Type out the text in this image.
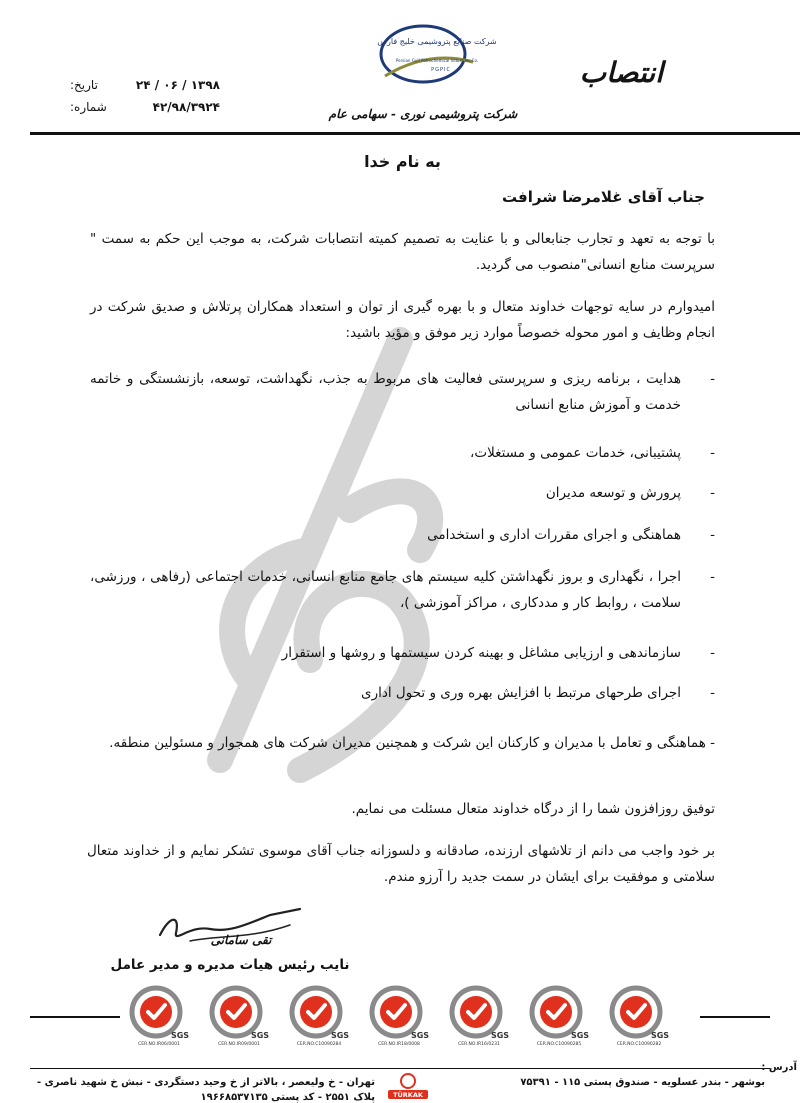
انتصاب
شرکت صنایع پتروشیمی خلیج فارس
Persian Gulf Petrochemical Industries Co.
PGPIC
شرکت پتروشیمی نوری - سهامی عام
تاریخ:	۱۳۹۸ / ۰۶ / ۲۴
شماره:	۴۲/۹۸/۳۹۲۴
به نام خدا
جناب آقای غلامرضا شرافت
با توجه به تعهد و تجارب جنابعالی و با عنایت به تصمیم کمیته انتصابات شرکت، به موجب این حکم به سمت " سرپرست منابع انسانی"منصوب می گردید.
امیدوارم در سایه توجهات خداوند متعال و با بهره گیری از توان و استعداد همکاران پرتلاش و صدیق شرکت در انجام وظایف و امور محوله خصوصاً موارد زیر موفق و مؤید باشید:
-
هدایت ، برنامه ریزی و سرپرستی فعالیت های مربوط به جذب، نگهداشت، توسعه، بازنشستگی و خاتمه خدمت و آموزش منابع انسانی
-
پشتیبانی، خدمات عمومی و مستغلات،
-
پرورش و توسعه مدیران
-
هماهنگی و اجرای مقررات اداری و استخدامی
-
اجرا ، نگهداری و بروز نگهداشتن کلیه سیستم های جامع منابع انسانی، خدمات اجتماعی (رفاهی ، ورزشی، سلامت ، روابط کار و مددکاری ، مراکز آموزشی )،
-
سازماندهی و ارزیابی مشاغل و بهینه کردن سیستمها و روشها و استقرار
-
اجرای طرحهای مرتبط با افزایش بهره وری و تحول اداری
- هماهنگی و تعامل با مدیران و کارکنان این شرکت و همچنین مدیران شرکت های همجوار و مسئولین منطقه.
توفیق روزافزون شما را از درگاه خداوند متعال مسئلت می نمایم.
بر خود واجب می دانم از تلاشهای ارزنده، صادقانه و دلسوزانه جناب آقای موسوی تشکر نمایم و از خداوند متعال سلامتی و موفقیت برای ایشان در سمت جدید را آرزو مندم.
تقی سامانی
نایب رئیس هیات مدیره و مدیر عامل
SGS
CER.NO.IR06/0001
SGS
CER.NO.IR09/0001
SGS
CER.NO.C10090284
SGS
CER.NO.IR18/0008
SGS
CER.NO.IR16/0231
SGS
CER.NO.C10090285
SGS
CER.NO.C10090282
آدرس :
بوشهر - بندر عسلویه - صندوق پستی ۱۱۵ - ۷۵۳۹۱
تهران - خ ولیعصر ، بالاتر از خ وحید دستگردی - نبش خ شهید ناصری -
پلاک ۲۵۵۱ - کد پستی ۱۹۶۶۸۵۳۷۱۳۵	TÜRKAK
